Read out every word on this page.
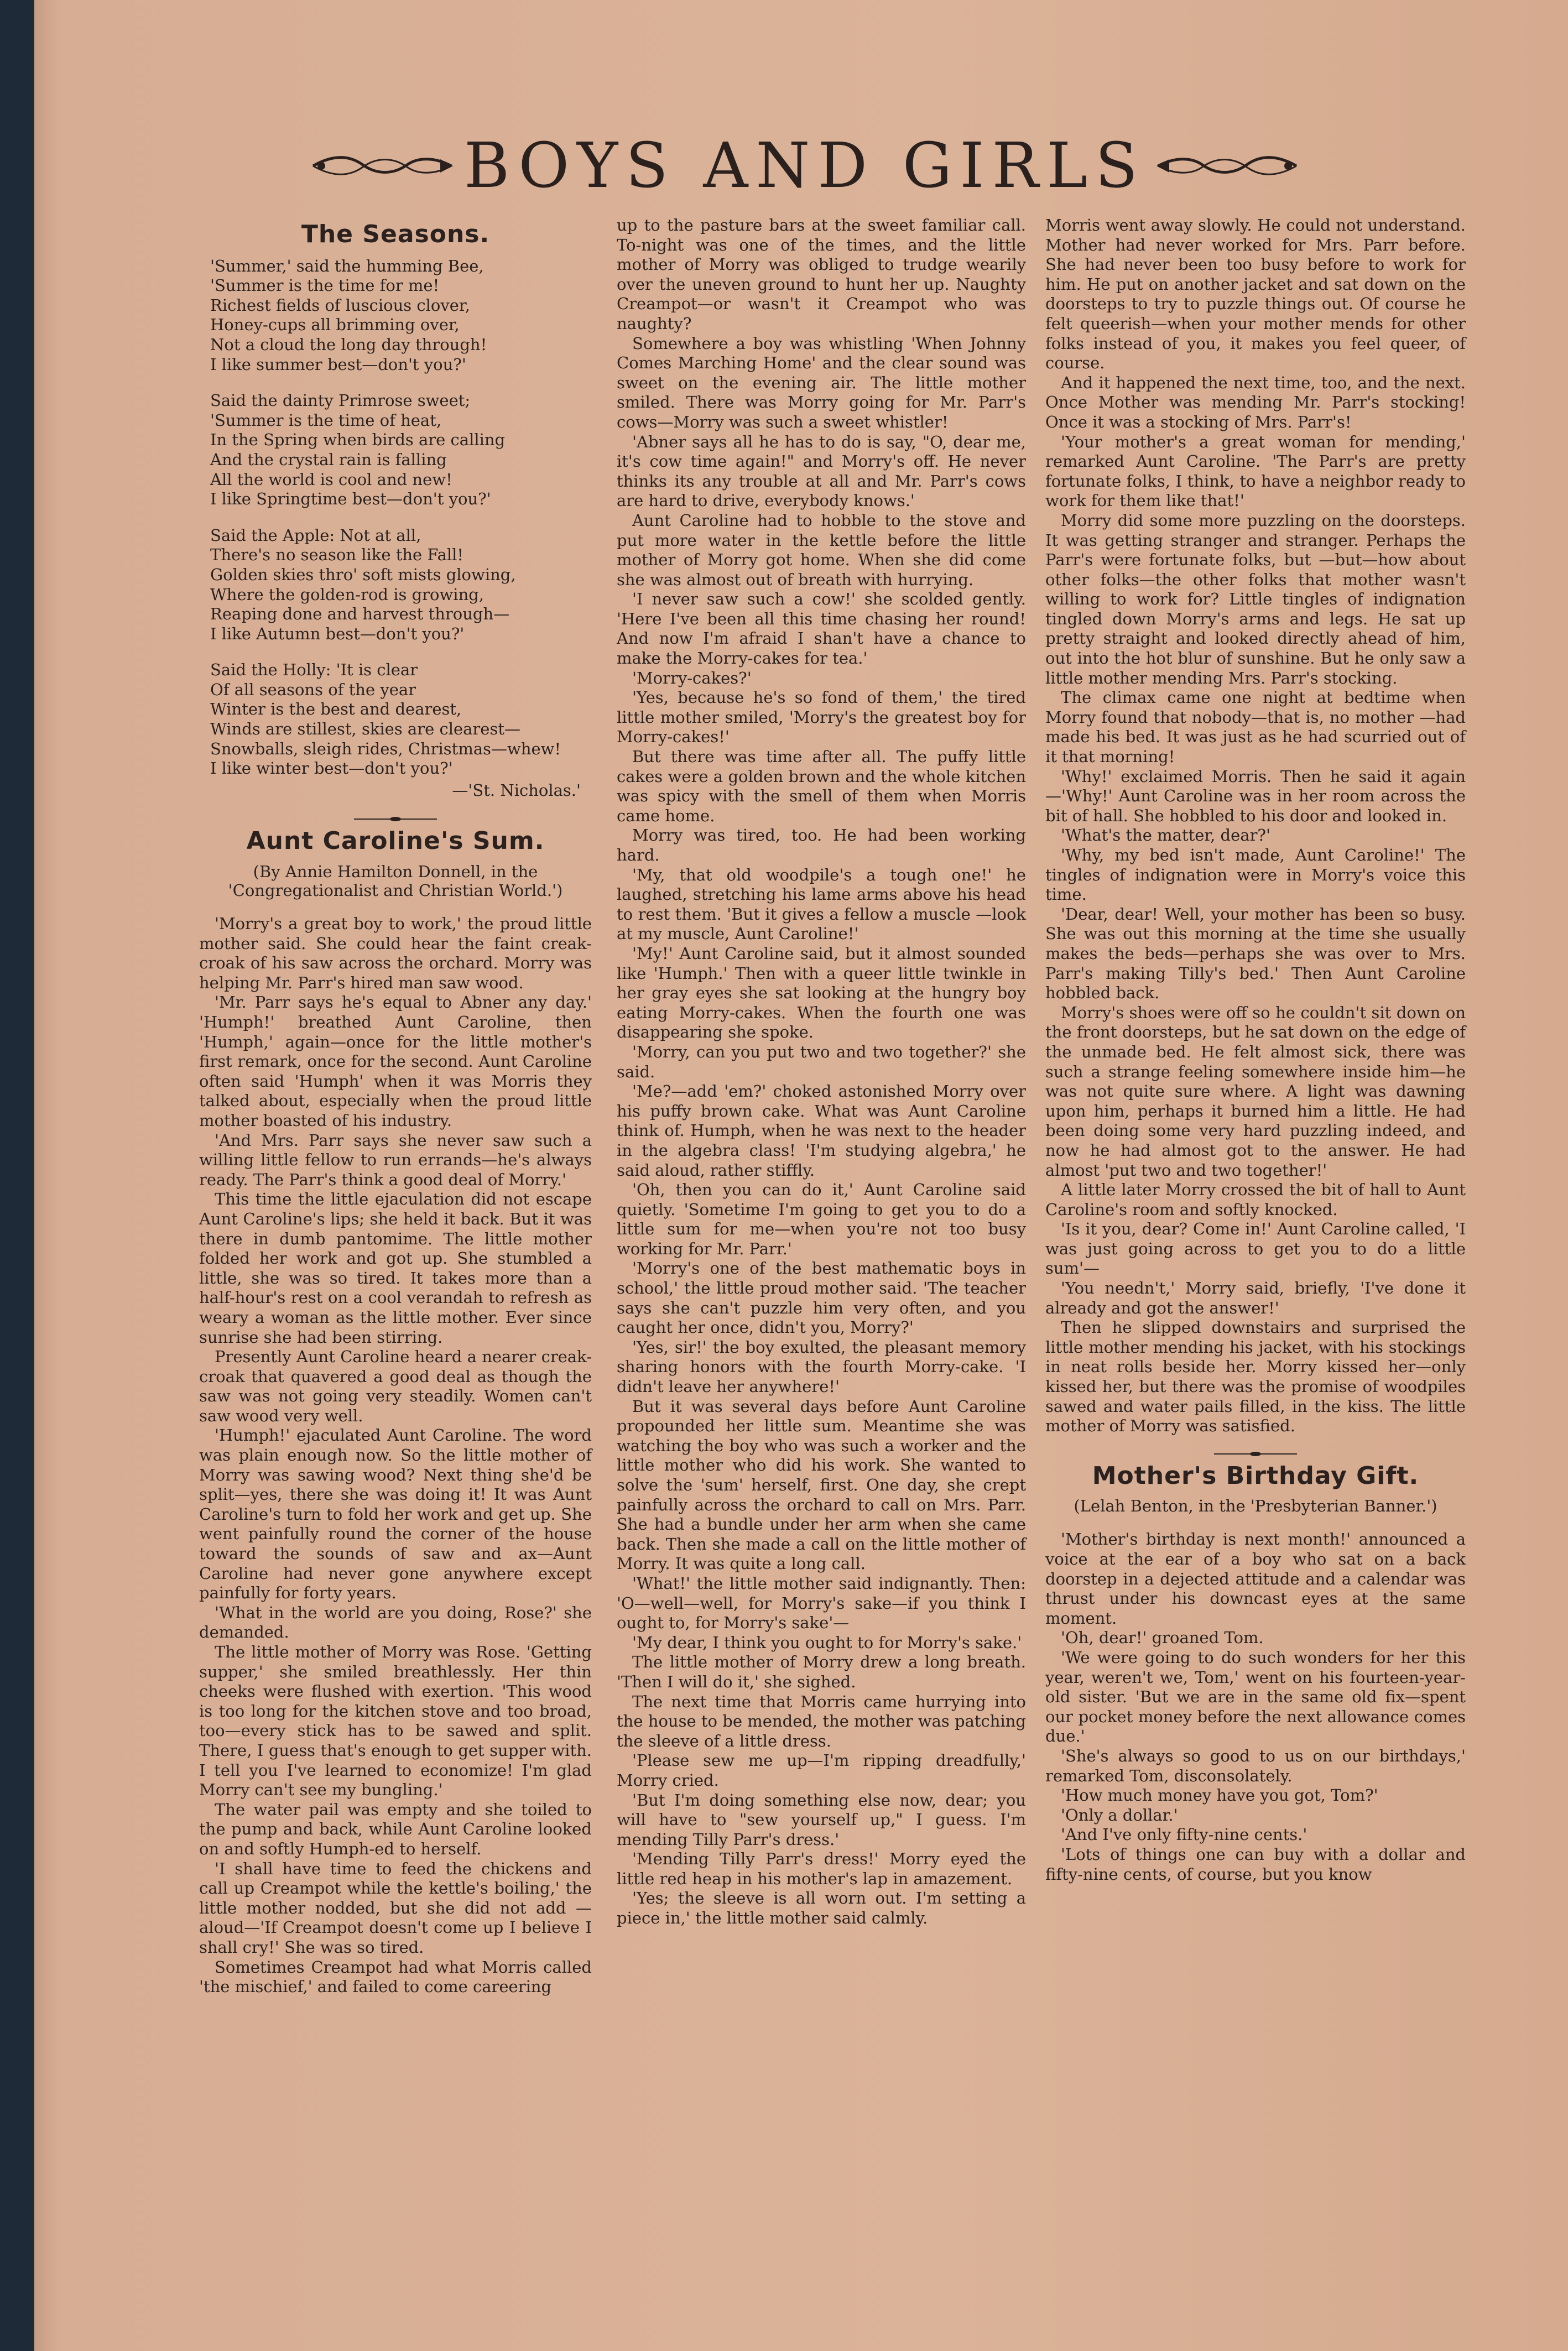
BOYS AND GIRLS
The Seasons.
'Summer,' said the humming Bee,
'Summer is the time for me!
Richest fields of luscious clover,
Honey-cups all brimming over,
Not a cloud the long day through!
I like summer best—don't you?'
Said the dainty Primrose sweet;
'Summer is the time of heat,
In the Spring when birds are calling
And the crystal rain is falling
All the world is cool and new!
I like Springtime best—don't you?'
Said the Apple: Not at all,
There's no season like the Fall!
Golden skies thro' soft mists glowing,
Where the golden-rod is growing,
Reaping done and harvest through—
I like Autumn best—don't you?'
Said the Holly: 'It is clear
Of all seasons of the year
Winter is the best and dearest,
Winds are stillest, skies are clearest—
Snowballs, sleigh rides, Christmas—whew!
I like winter best—don't you?'
—'St. Nicholas.'
Aunt Caroline's Sum.
(By Annie Hamilton Donnell, in the 'Congregationalist and Christian World.')

'Morry's a great boy to work,' the proud little mother said. She could hear the faint creak-croak of his saw across the orchard. Morry was helping Mr. Parr's hired man saw wood.

'Mr. Parr says he's equal to Abner any day.' 'Humph!' breathed Aunt Caroline, then 'Humph,' again—once for the little mother's first remark, once for the second. Aunt Caroline often said 'Humph' when it was Morris they talked about, especially when the proud little mother boasted of his industry.

'And Mrs. Parr says she never saw such a willing little fellow to run errands—he's always ready. The Parr's think a good deal of Morry.'

This time the little ejaculation did not escape Aunt Caroline's lips; she held it back. But it was there in dumb pantomime. The little mother folded her work and got up. She stumbled a little, she was so tired. It takes more than a half-hour's rest on a cool verandah to refresh as weary a woman as the little mother. Ever since sunrise she had been stirring.

Presently Aunt Caroline heard a nearer creak-croak that quavered a good deal as though the saw was not going very steadily. Women can't saw wood very well.

'Humph!' ejaculated Aunt Caroline. The word was plain enough now. So the little mother of Morry was sawing wood? Next thing she'd be split—yes, there she was doing it! It was Aunt Caroline's turn to fold her work and get up. She went painfully round the corner of the house toward the sounds of saw and ax—Aunt Caroline had never gone anywhere except painfully for forty years.

'What in the world are you doing, Rose?' she demanded.

The little mother of Morry was Rose. 'Getting supper,' she smiled breathlessly. Her thin cheeks were flushed with exertion. 'This wood is too long for the kitchen stove and too broad, too—every stick has to be sawed and split. There, I guess that's enough to get supper with. I tell you I've learned to economize! I'm glad Morry can't see my bungling.'

The water pail was empty and she toiled to the pump and back, while Aunt Caroline looked on and softly Humph-ed to herself.

'I shall have time to feed the chickens and call up Creampot while the kettle's boiling,' the little mother nodded, but she did not add —aloud—'If Creampot doesn't come up I believe I shall cry!' She was so tired.

Sometimes Creampot had what Morris called 'the mischief,' and failed to come careering

up to the pasture bars at the sweet familiar call. To-night was one of the times, and the little mother of Morry was obliged to trudge wearily over the uneven ground to hunt her up. Naughty Creampot—or wasn't it Creampot who was naughty?

Somewhere a boy was whistling 'When Johnny Comes Marching Home' and the clear sound was sweet on the evening air. The little mother smiled. There was Morry going for Mr. Parr's cows—Morry was such a sweet whistler!

'Abner says all he has to do is say, "O, dear me, it's cow time again!" and Morry's off. He never thinks its any trouble at all and Mr. Parr's cows are hard to drive, everybody knows.'

Aunt Caroline had to hobble to the stove and put more water in the kettle before the little mother of Morry got home. When she did come she was almost out of breath with hurrying.

'I never saw such a cow!' she scolded gently. 'Here I've been all this time chasing her round! And now I'm afraid I shan't have a chance to make the Morry-cakes for tea.'

'Morry-cakes?'

'Yes, because he's so fond of them,' the tired little mother smiled, 'Morry's the greatest boy for Morry-cakes!'

But there was time after all. The puffy little cakes were a golden brown and the whole kitchen was spicy with the smell of them when Morris came home.

Morry was tired, too. He had been working hard.

'My, that old woodpile's a tough one!' he laughed, stretching his lame arms above his head to rest them. 'But it gives a fellow a muscle —look at my muscle, Aunt Caroline!'

'My!' Aunt Caroline said, but it almost sounded like 'Humph.' Then with a queer little twinkle in her gray eyes she sat looking at the hungry boy eating Morry-cakes. When the fourth one was disappearing she spoke.

'Morry, can you put two and two together?' she said.

'Me?—add 'em?' choked astonished Morry over his puffy brown cake. What was Aunt Caroline think of. Humph, when he was next to the header in the algebra class! 'I'm studying algebra,' he said aloud, rather stiffly.

'Oh, then you can do it,' Aunt Caroline said quietly. 'Sometime I'm going to get you to do a little sum for me—when you're not too busy working for Mr. Parr.'

'Morry's one of the best mathematic boys in school,' the little proud mother said. 'The teacher says she can't puzzle him very often, and you caught her once, didn't you, Morry?'

'Yes, sir!' the boy exulted, the pleasant memory sharing honors with the fourth Morry-cake. 'I didn't leave her anywhere!'

But it was several days before Aunt Caroline propounded her little sum. Meantime she was watching the boy who was such a worker and the little mother who did his work. She wanted to solve the 'sum' herself, first. One day, she crept painfully across the orchard to call on Mrs. Parr. She had a bundle under her arm when she came back. Then she made a call on the little mother of Morry. It was quite a long call.

'What!' the little mother said indignantly. Then: 'O—well—well, for Morry's sake—if you think I ought to, for Morry's sake'—

'My dear, I think you ought to for Morry's sake.'

The little mother of Morry drew a long breath. 'Then I will do it,' she sighed.

The next time that Morris came hurrying into the house to be mended, the mother was patching the sleeve of a little dress.

'Please sew me up—I'm ripping dreadfully,' Morry cried.

'But I'm doing something else now, dear; you will have to "sew yourself up," I guess. I'm mending Tilly Parr's dress.'

'Mending Tilly Parr's dress!' Morry eyed the little red heap in his mother's lap in amazement.

'Yes; the sleeve is all worn out. I'm setting a piece in,' the little mother said calmly.

Morris went away slowly. He could not understand. Mother had never worked for Mrs. Parr before. She had never been too busy before to work for him. He put on another jacket and sat down on the doorsteps to try to puzzle things out. Of course he felt queerish—when your mother mends for other folks instead of you, it makes you feel queer, of course.

And it happened the next time, too, and the next. Once Mother was mending Mr. Parr's stocking! Once it was a stocking of Mrs. Parr's!

'Your mother's a great woman for mending,' remarked Aunt Caroline. 'The Parr's are pretty fortunate folks, I think, to have a neighbor ready to work for them like that!'

Morry did some more puzzling on the doorsteps. It was getting stranger and stranger. Perhaps the Parr's were fortunate folks, but —but—how about other folks—the other folks that mother wasn't willing to work for? Little tingles of indignation tingled down Morry's arms and legs. He sat up pretty straight and looked directly ahead of him, out into the hot blur of sunshine. But he only saw a little mother mending Mrs. Parr's stocking.

The climax came one night at bedtime when Morry found that nobody—that is, no mother —had made his bed. It was just as he had scurried out of it that morning!

'Why!' exclaimed Morris. Then he said it again—'Why!' Aunt Caroline was in her room across the bit of hall. She hobbled to his door and looked in.

'What's the matter, dear?'

'Why, my bed isn't made, Aunt Caroline!' The tingles of indignation were in Morry's voice this time.

'Dear, dear! Well, your mother has been so busy. She was out this morning at the time she usually makes the beds—perhaps she was over to Mrs. Parr's making Tilly's bed.' Then Aunt Caroline hobbled back.

Morry's shoes were off so he couldn't sit down on the front doorsteps, but he sat down on the edge of the unmade bed. He felt almost sick, there was such a strange feeling somewhere inside him—he was not quite sure where. A light was dawning upon him, perhaps it burned him a little. He had been doing some very hard puzzling indeed, and now he had almost got to the answer. He had almost 'put two and two together!'

A little later Morry crossed the bit of hall to Aunt Caroline's room and softly knocked.

'Is it you, dear? Come in!' Aunt Caroline called, 'I was just going across to get you to do a little sum'—

'You needn't,' Morry said, briefly, 'I've done it already and got the answer!'

Then he slipped downstairs and surprised the little mother mending his jacket, with his stockings in neat rolls beside her. Morry kissed her—only kissed her, but there was the promise of woodpiles sawed and water pails filled, in the kiss. The little mother of Morry was satisfied.

Mother's Birthday Gift.
(Lelah Benton, in the 'Presbyterian Banner.')

'Mother's birthday is next month!' announced a voice at the ear of a boy who sat on a back doorstep in a dejected attitude and a calendar was thrust under his downcast eyes at the same moment.

'Oh, dear!' groaned Tom.

'We were going to do such wonders for her this year, weren't we, Tom,' went on his fourteen-year-old sister. 'But we are in the same old fix—spent our pocket money before the next allowance comes due.'

'She's always so good to us on our birthdays,' remarked Tom, disconsolately.

'How much money have you got, Tom?'

'Only a dollar.'

'And I've only fifty-nine cents.'

'Lots of things one can buy with a dollar and fifty-nine cents, of course, but you know
